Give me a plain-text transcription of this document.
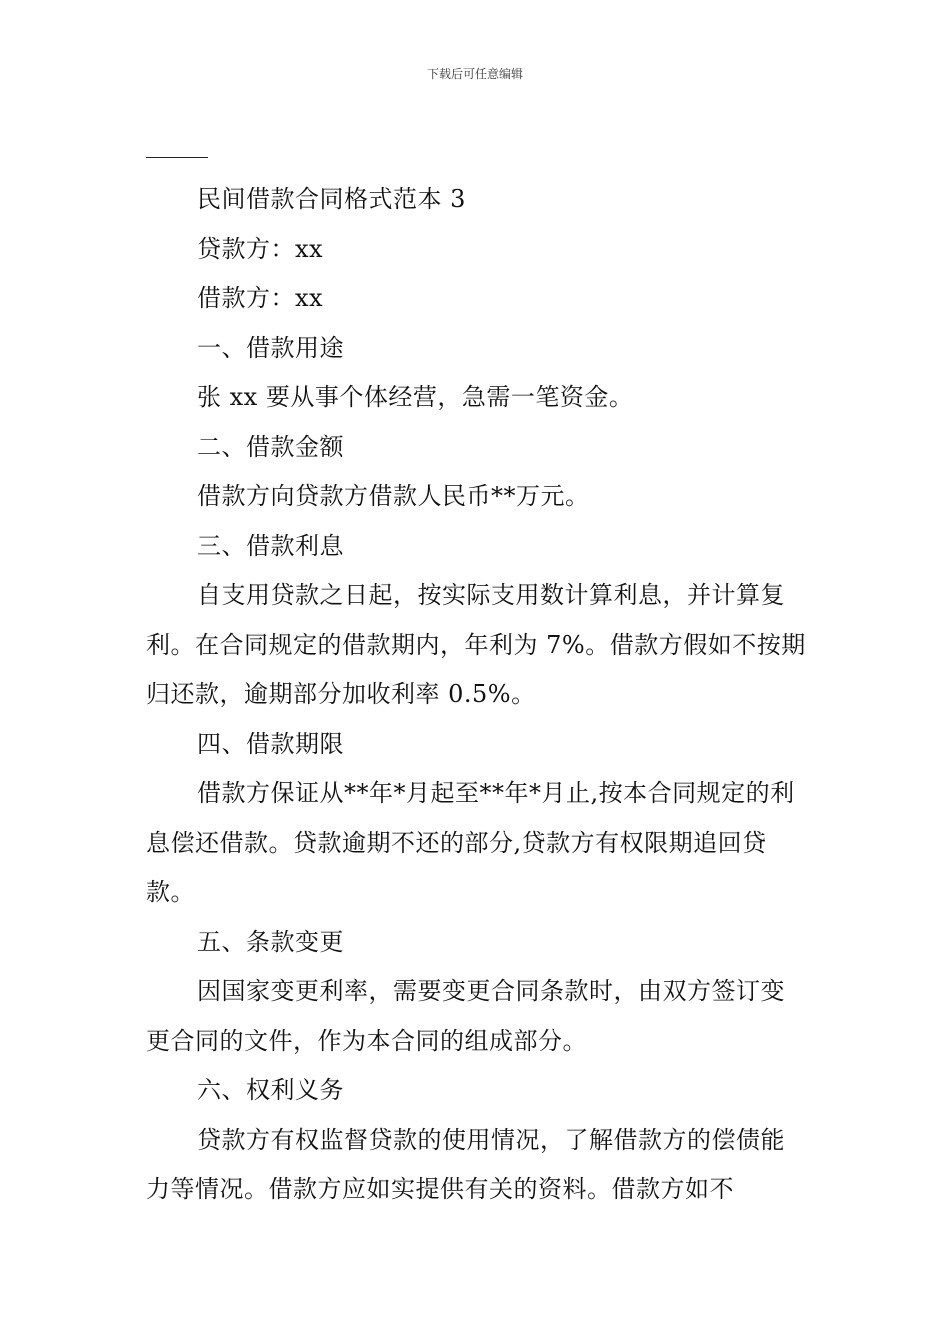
下载后可任意编辑

民间借款合同格式范本 3

贷款方：xx

借款方：xx

一、借款用途

张 xx 要从事个体经营，急需一笔资金。

二、借款金额

借款方向贷款方借款人民币**万元。

三、借款利息

自支用贷款之日起，按实际支用数计算利息，并计算复利。在合同规定的借款期内，年利为 7%。借款方假如不按期归还款，逾期部分加收利率 0.5%。

四、借款期限

借款方保证从**年*月起至**年*月止,按本合同规定的利息偿还借款。贷款逾期不还的部分,贷款方有权限期追回贷款。

五、条款变更

因国家变更利率，需要变更合同条款时，由双方签订变更合同的文件，作为本合同的组成部分。

六、权利义务

贷款方有权监督贷款的使用情况，了解借款方的偿债能力等情况。借款方应如实提供有关的资料。借款方如不
